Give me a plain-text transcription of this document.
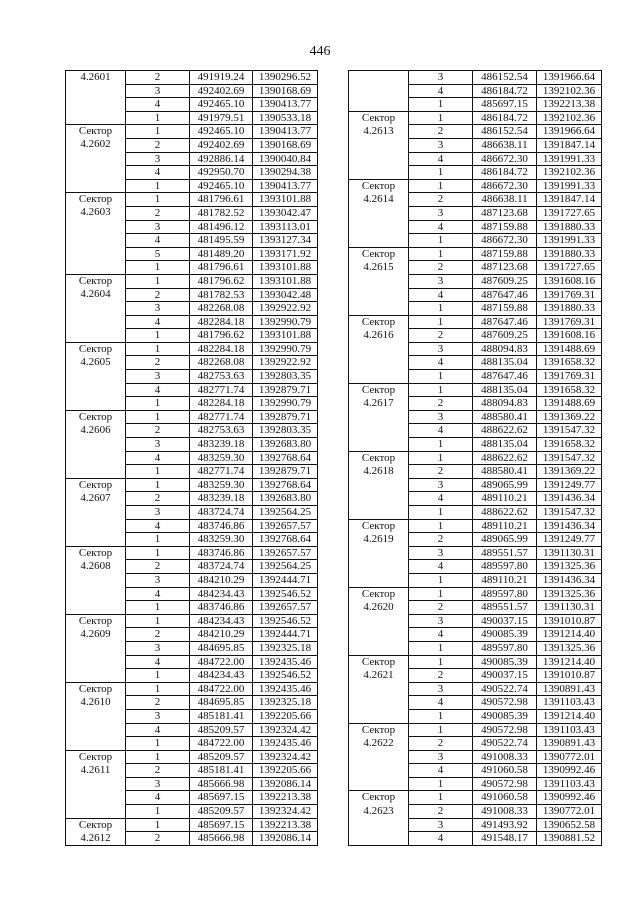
446
4.2601	2	491919.24	1390296.52
	3	492402.69	1390168.69
	4	492465.10	1390413.77
	1	491979.51	1390533.18
Сектор	1	492465.10	1390413.77
4.2602	2	492402.69	1390168.69
	3	492886.14	1390040.84
	4	492950.70	1390294.38
	1	492465.10	1390413.77
Сектор	1	481796.61	1393101.88
4.2603	2	481782.52	1393042.47
	3	481496.12	1393113.01
	4	481495.59	1393127.34
	5	481489.20	1393171.92
	1	481796.61	1393101.88
Сектор	1	481796.62	1393101.88
4.2604	2	481782.53	1393042.48
	3	482268.08	1392922.92
	4	482284.18	1392990.79
	1	481796.62	1393101.88
Сектор	1	482284.18	1392990.79
4.2605	2	482268.08	1392922.92
	3	482753.63	1392803.35
	4	482771.74	1392879.71
	1	482284.18	1392990.79
Сектор	1	482771.74	1392879.71
4.2606	2	482753.63	1392803.35
	3	483239.18	1392683.80
	4	483259.30	1392768.64
	1	482771.74	1392879.71
Сектор	1	483259.30	1392768.64
4.2607	2	483239.18	1392683.80
	3	483724.74	1392564.25
	4	483746.86	1392657.57
	1	483259.30	1392768.64
Сектор	1	483746.86	1392657.57
4.2608	2	483724.74	1392564.25
	3	484210.29	1392444.71
	4	484234.43	1392546.52
	1	483746.86	1392657.57
Сектор	1	484234.43	1392546.52
4.2609	2	484210.29	1392444.71
	3	484695.85	1392325.18
	4	484722.00	1392435.46
	1	484234.43	1392546.52
Сектор	1	484722.00	1392435.46
4.2610	2	484695.85	1392325.18
	3	485181.41	1392205.66
	4	485209.57	1392324.42
	1	484722.00	1392435.46
Сектор	1	485209.57	1392324.42
4.2611	2	485181.41	1392205.66
	3	485666.98	1392086.14
	4	485697.15	1392213.38
	1	485209.57	1392324.42
Сектор	1	485697.15	1392213.38
4.2612	2	485666.98	1392086.14
	3	486152.54	1391966.64
	4	486184.72	1392102.36
	1	485697.15	1392213.38
Сектор	1	486184.72	1392102.36
4.2613	2	486152.54	1391966.64
	3	486638.11	1391847.14
	4	486672.30	1391991.33
	1	486184.72	1392102.36
Сектор	1	486672.30	1391991.33
4.2614	2	486638.11	1391847.14
	3	487123.68	1391727.65
	4	487159.88	1391880.33
	1	486672.30	1391991.33
Сектор	1	487159.88	1391880.33
4.2615	2	487123.68	1391727.65
	3	487609.25	1391608.16
	4	487647.46	1391769.31
	1	487159.88	1391880.33
Сектор	1	487647.46	1391769.31
4.2616	2	487609.25	1391608.16
	3	488094.83	1391488.69
	4	488135.04	1391658.32
	1	487647.46	1391769.31
Сектор	1	488135.04	1391658.32
4.2617	2	488094.83	1391488.69
	3	488580.41	1391369.22
	4	488622.62	1391547.32
	1	488135.04	1391658.32
Сектор	1	488622.62	1391547.32
4.2618	2	488580.41	1391369.22
	3	489065.99	1391249.77
	4	489110.21	1391436.34
	1	488622.62	1391547.32
Сектор	1	489110.21	1391436.34
4.2619	2	489065.99	1391249.77
	3	489551.57	1391130.31
	4	489597.80	1391325.36
	1	489110.21	1391436.34
Сектор	1	489597.80	1391325.36
4.2620	2	489551.57	1391130.31
	3	490037.15	1391010.87
	4	490085.39	1391214.40
	1	489597.80	1391325.36
Сектор	1	490085.39	1391214.40
4.2621	2	490037.15	1391010.87
	3	490522.74	1390891.43
	4	490572.98	1391103.43
	1	490085.39	1391214.40
Сектор	1	490572.98	1391103.43
4.2622	2	490522.74	1390891.43
	3	491008.33	1390772.01
	4	491060.58	1390992.46
	1	490572.98	1391103.43
Сектор	1	491060.58	1390992.46
4.2623	2	491008.33	1390772.01
	3	491493.92	1390652.58
	4	491548.17	1390881.52
